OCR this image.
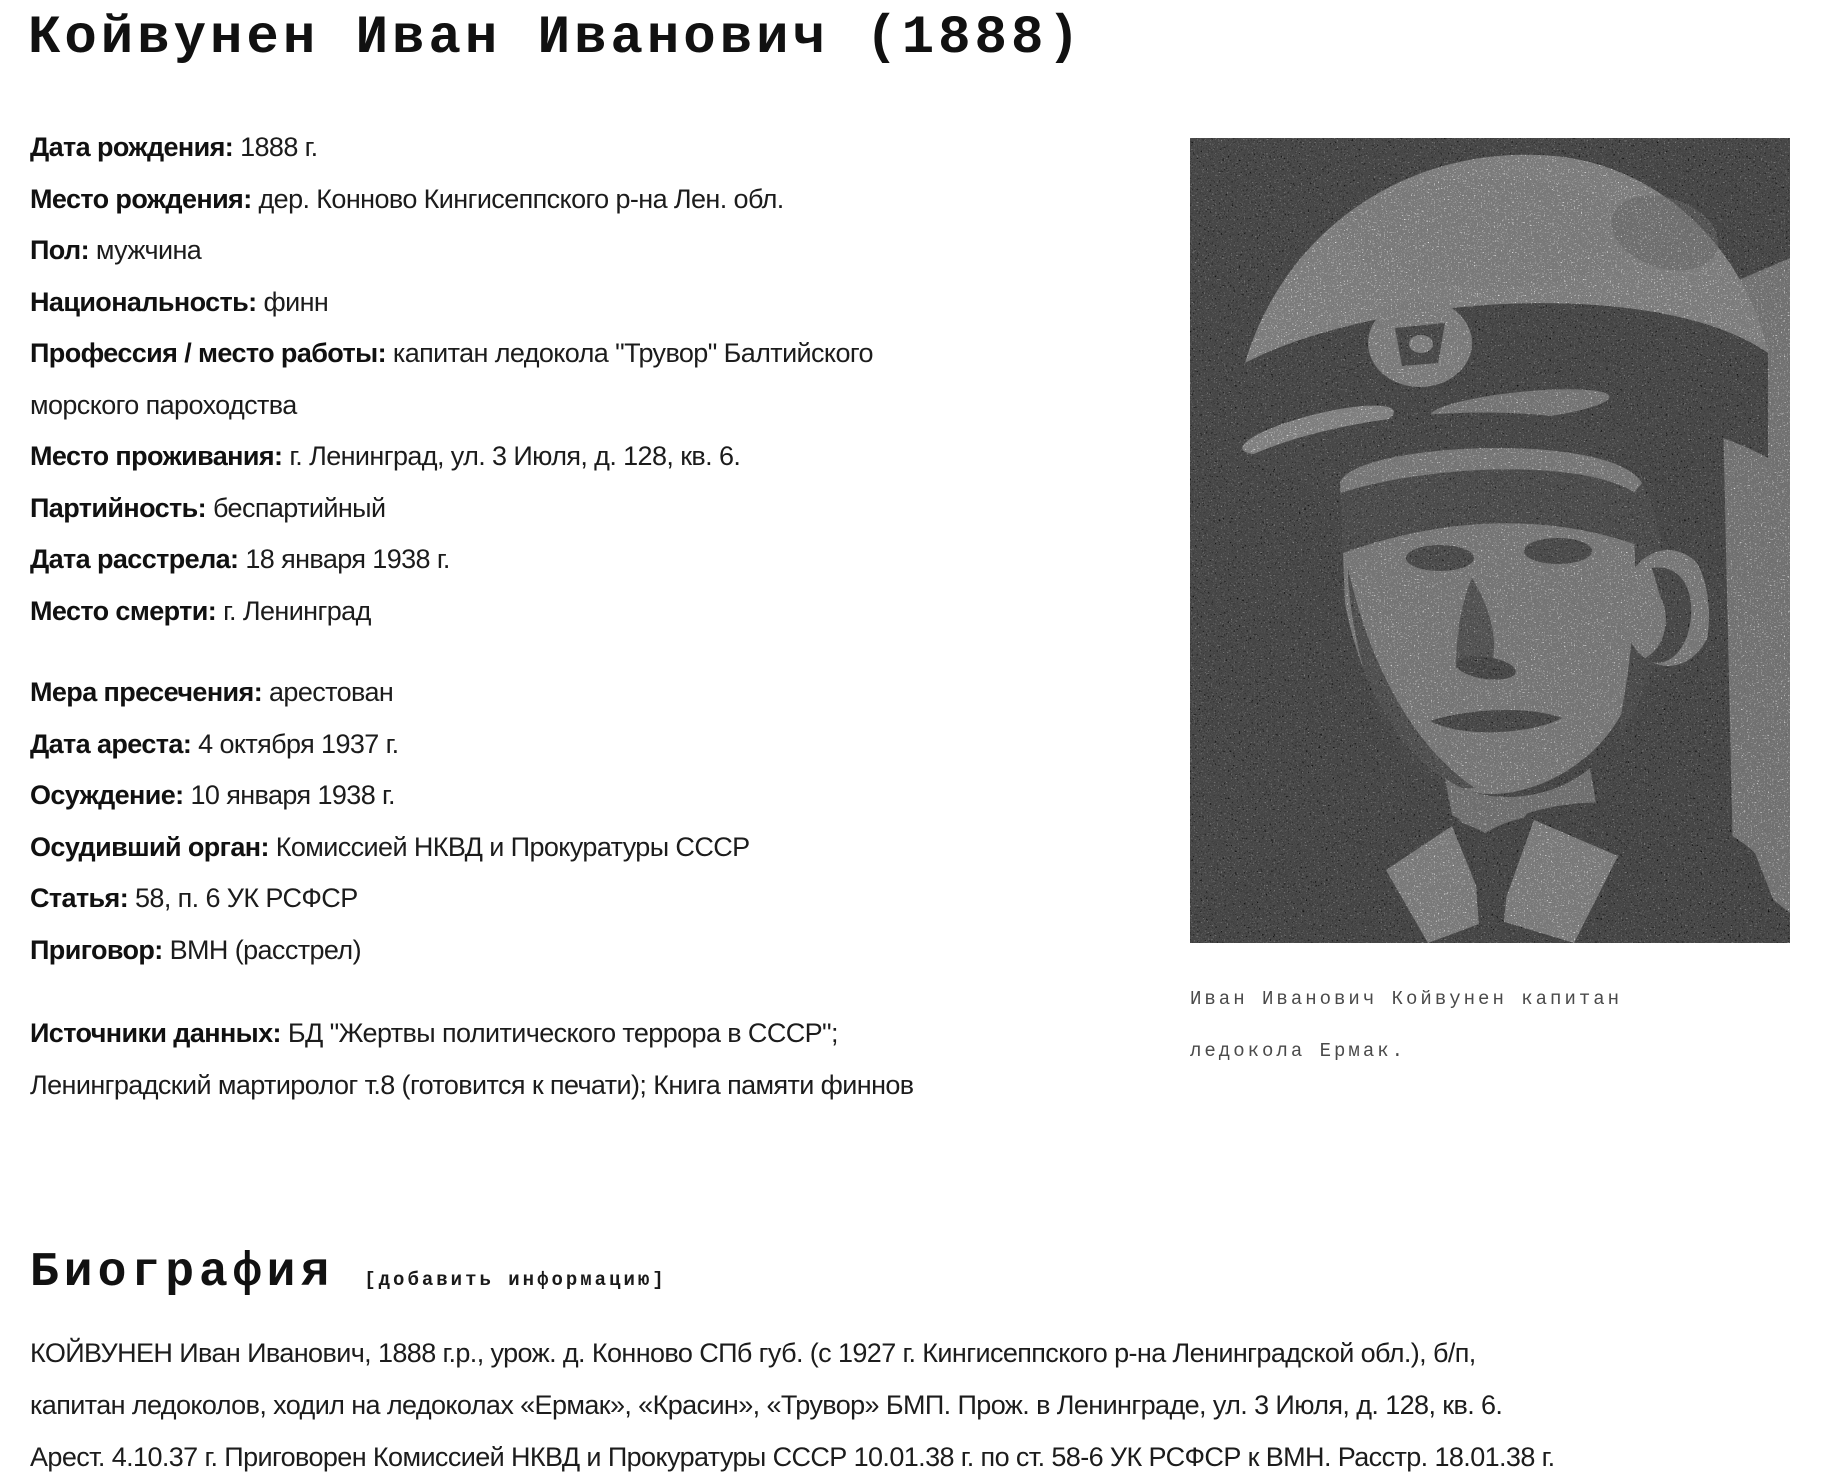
Койвунен Иван Иванович (1888)

Дата рождения: 1888 г.

Место рождения: дер. Конново Кингисеппского р-на Лен. обл.

Пол: мужчина

Национальность: финн

Профессия / место работы: капитан ледокола "Трувор" Балтийского морского пароходства

Место проживания: г. Ленинград, ул. 3 Июля, д. 128, кв. 6.

Партийность: беспартийный

Дата расстрела: 18 января 1938 г.

Место смерти: г. Ленинград

Мера пресечения: арестован

Дата ареста: 4 октября 1937 г.

Осуждение: 10 января 1938 г.

Осудивший орган: Комиссией НКВД и Прокуратуры СССР

Статья: 58, п. 6 УК РСФСР

Приговор: ВМН (расстрел)

Источники данных: БД "Жертвы политического террора в СССР"; Ленинградский мартиролог т.8 (готовится к печати); Книга памяти финнов

Иван Иванович Койвунен капитан ледокола Ермак.
Биография [добавить информацию]

КОЙВУНЕН Иван Иванович, 1888 г.р., урож. д. Конново СПб губ. (с 1927 г. Кингисеппского р-на Ленинградской обл.), б/п, капитан ледоколов, ходил на ледоколах «Ермак», «Красин», «Трувор» БМП. Прож. в Ленинграде, ул. 3 Июля, д. 128, кв. 6. Арест. 4.10.37 г. Приговорен Комиссией НКВД и Прокуратуры СССР 10.01.38 г. по ст. 58-6 УК РСФСР к ВМН. Расстр. 18.01.38 г.
